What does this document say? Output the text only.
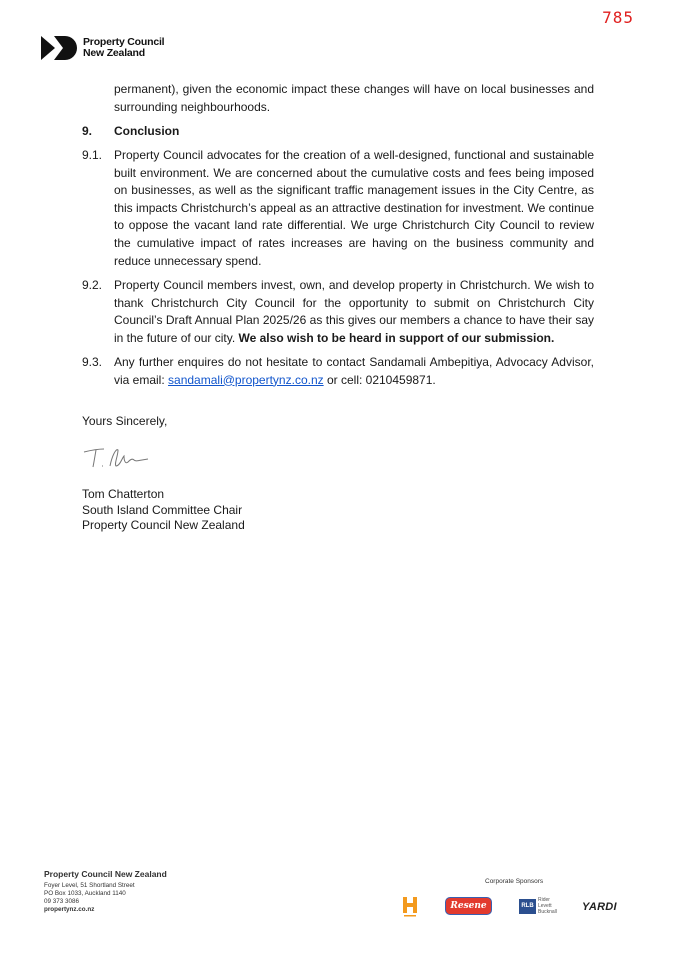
785
Property Council
New Zealand
permanent), given the economic impact these changes will have on local businesses and surrounding neighbourhoods.
9. Conclusion
9.1. Property Council advocates for the creation of a well-designed, functional and sustainable built environment. We are concerned about the cumulative costs and fees being imposed on businesses, as well as the significant traffic management issues in the City Centre, as this impacts Christchurch’s appeal as an attractive destination for investment. We continue to oppose the vacant land rate differential. We urge Christchurch City Council to review the cumulative impact of rates increases are having on the business community and reduce unnecessary spend.
9.2. Property Council members invest, own, and develop property in Christchurch. We wish to thank Christchurch City Council for the opportunity to submit on Christchurch City Council’s Draft Annual Plan 2025/26 as this gives our members a chance to have their say in the future of our city. We also wish to be heard in support of our submission.
9.3. Any further enquires do not hesitate to contact Sandamali Ambepitiya, Advocacy Advisor, via email: sandamali@propertynz.co.nz or cell: 0210459871.
Yours Sincerely,
Tom Chatterton
South Island Committee Chair
Property Council New Zealand
Property Council New Zealand
Foyer Level, 51 Shortland Street
PO Box 1033, Auckland 1140
09 373 3086
propertynz.co.nz
Corporate Sponsors
Resene	RLB
Rider Levett Bucknall	YARDI
